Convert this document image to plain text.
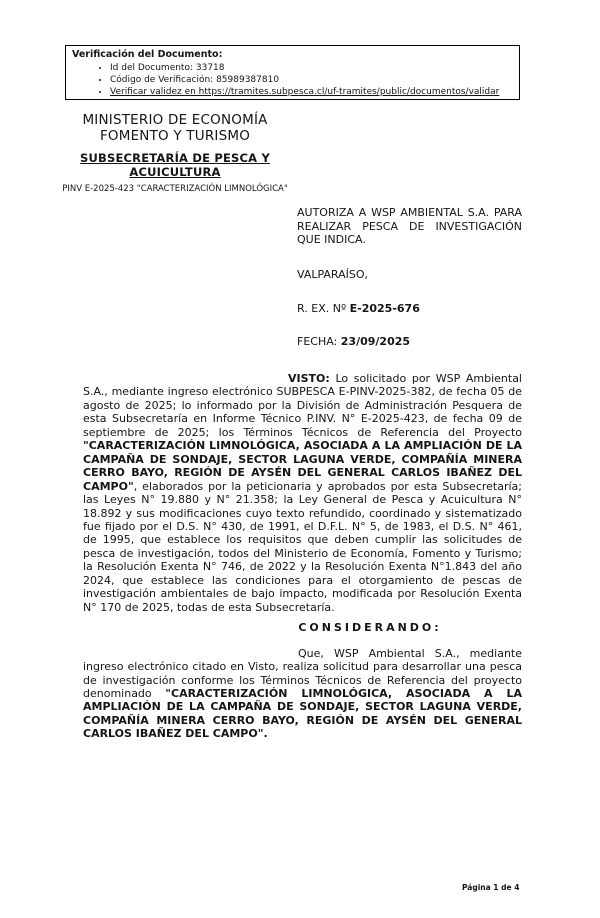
Verificación del Documento:
• Id del Documento: 33718
• Código de Verificación: 85989387810
• Verificar validez en https://tramites.subpesca.cl/uf-tramites/public/documentos/validar
MINISTERIO DE ECONOMÍA
FOMENTO Y TURISMO
SUBSECRETARÍA DE PESCA Y
ACUICULTURA
PINV E-2025-423 "CARACTERIZACIÓN LIMNOLÓGICA"
AUTORIZA A WSP AMBIENTAL S.A. PARA REALIZAR PESCA DE INVESTIGACIÓN QUE INDICA.
VALPARAÍSO,
R. EX. Nº E-2025-676
FECHA: 23/09/2025

VISTO: Lo solicitado por WSP Ambiental S.A., mediante ingreso electrónico SUBPESCA E-PINV-2025-382, de fecha 05 de agosto de 2025; lo informado por la División de Administración Pesquera de esta Subsecretaría en Informe Técnico P.INV. N° E-2025-423, de fecha 09 de septiembre de 2025; los Términos Técnicos de Referencia del Proyecto "CARACTERIZACIÓN LIMNOLÓGICA, ASOCIADA A LA AMPLIACIÓN DE LA CAMPAÑA DE SONDAJE, SECTOR LAGUNA VERDE, COMPAÑÍA MINERA CERRO BAYO, REGIÓN DE AYSÉN DEL GENERAL CARLOS IBAÑEZ DEL CAMPO", elaborados por la peticionaria y aprobados por esta Subsecretaría; las Leyes N° 19.880 y N° 21.358; la Ley General de Pesca y Acuicultura N° 18.892 y sus modificaciones cuyo texto refundido, coordinado y sistematizado fue fijado por el D.S. N° 430, de 1991, el D.F.L. N° 5, de 1983, el D.S. N° 461, de 1995, que establece los requisitos que deben cumplir las solicitudes de pesca de investigación, todos del Ministerio de Economía, Fomento y Turismo; la Resolución Exenta N° 746, de 2022 y la Resolución Exenta N°1.843 del año 2024, que establece las condiciones para el otorgamiento de pescas de investigación ambientales de bajo impacto, modificada por Resolución Exenta N° 170 de 2025, todas de esta Subsecretaría.

CONSIDERANDO:

Que, WSP Ambiental S.A., mediante ingreso electrónico citado en Visto, realiza solicitud para desarrollar una pesca de investigación conforme los Términos Técnicos de Referencia del proyecto denominado "CARACTERIZACIÓN LIMNOLÓGICA, ASOCIADA A LA AMPLIACIÓN DE LA CAMPAÑA DE SONDAJE, SECTOR LAGUNA VERDE, COMPAÑÍA MINERA CERRO BAYO, REGIÓN DE AYSÉN DEL GENERAL CARLOS IBAÑEZ DEL CAMPO".

Página 1 de 4
